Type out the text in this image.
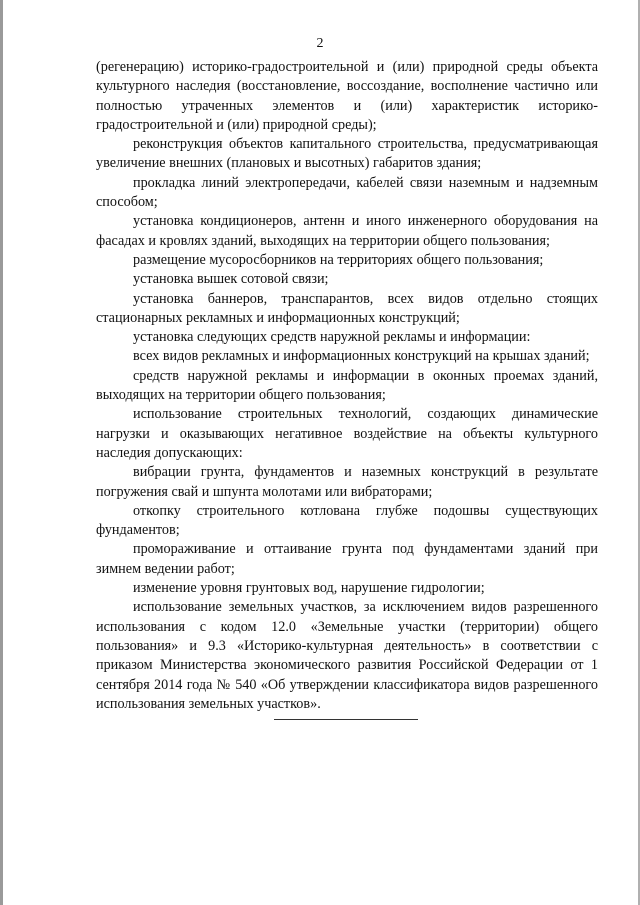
2

(регенерацию) историко-градостроительной и (или) природной среды объекта культурного наследия (восстановление, воссоздание, восполнение частично или полностью утраченных элементов и (или) характеристик историко-градостроительной и (или) природной среды);

реконструкция объектов капитального строительства, предусматривающая увеличение внешних (плановых и высотных) габаритов здания;

прокладка линий электропередачи, кабелей связи наземным и надземным способом;

установка кондиционеров, антенн и иного инженерного оборудования на фасадах и кровлях зданий, выходящих на территории общего пользования;

размещение мусоросборников на территориях общего пользования;

установка вышек сотовой связи;

установка баннеров, транспарантов, всех видов отдельно стоящих стационарных рекламных и информационных конструкций;

установка следующих средств наружной рекламы и информации:

всех видов рекламных и информационных конструкций на крышах зданий;

средств наружной рекламы и информации в оконных проемах зданий, выходящих на территории общего пользования;

использование строительных технологий, создающих динамические нагрузки и оказывающих негативное воздействие на объекты культурного наследия допускающих:

вибрации грунта, фундаментов и наземных конструкций в результате погружения свай и шпунта молотами или вибраторами;

откопку строительного котлована глубже подошвы существующих фундаментов;

промораживание и оттаивание грунта под фундаментами зданий при зимнем ведении работ;

изменение уровня грунтовых вод, нарушение гидрологии;

использование земельных участков, за исключением видов разрешенного использования с кодом 12.0 «Земельные участки (территории) общего пользования» и 9.3 «Историко-культурная деятельность» в соответствии с приказом Министерства экономического развития Российской Федерации от 1 сентября 2014 года № 540 «Об утверждении классификатора видов разрешенного использования земельных участков».
